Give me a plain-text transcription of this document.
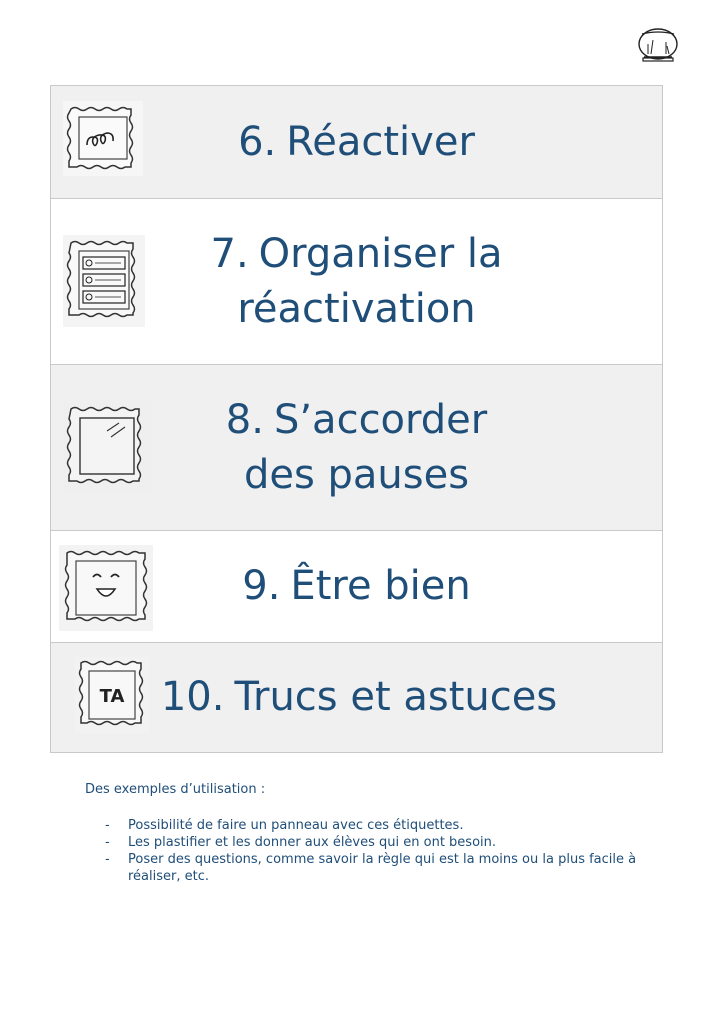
6. Réactiver
7. Organiser la
réactivation
8. S’accorder
des pauses
9. Être bien
TA 10. Trucs et astuces

Des exemples d’utilisation :

- Possibilité de faire un panneau avec ces étiquettes.
- Les plastifier et les donner aux élèves qui en ont besoin.
- Poser des questions, comme savoir la règle qui est la moins ou la plus facile à réaliser, etc.
